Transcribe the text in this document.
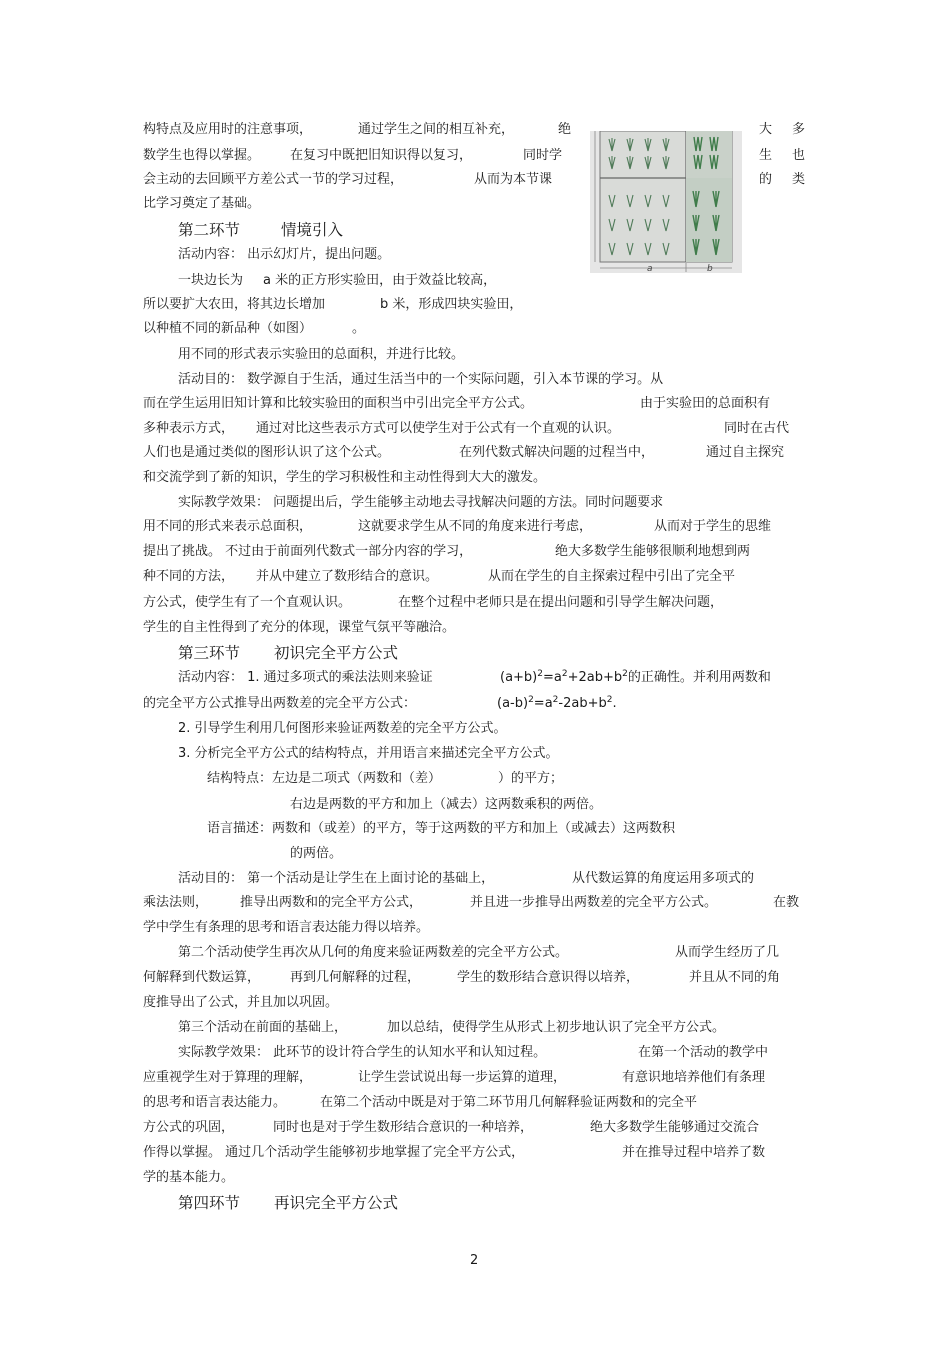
构特点及应用时的注意事项，	通过学生之间的相互补充，	绝	大 多
数学生也得以掌握。 在复习中既把旧知识得以复习，	同时学	生 也
会主动的去回顾平方差公式一节的学习过程，	从而为本节课	的 类
比学习奠定了基础。
a	b
第二环节	情境引入
活动内容： 出示幻灯片，提出问题。
一块边长为 a 米的正方形实验田，由于效益比较高，
所以要扩大农田，将其边长增加	b 米，形成四块实验田，
以种植不同的新品种（如图）	。
用不同的形式表示实验田的总面积，并进行比较。
活动目的： 数学源自于生活，通过生活当中的一个实际问题，引入本节课的学习。从
而在学生运用旧知计算和比较实验田的面积当中引出完全平方公式。	由于实验田的总面积有
多种表示方式， 通过对比这些表示方式可以使学生对于公式有一个直观的认识。	同时在古代
人们也是通过类似的图形认识了这个公式。	在列代数式解决问题的过程当中，	通过自主探究
和交流学到了新的知识，学生的学习积极性和主动性得到大大的激发。
实际教学效果： 问题提出后，学生能够主动地去寻找解决问题的方法。同时问题要求
用不同的形式来表示总面积，	这就要求学生从不同的角度来进行考虑，	从而对于学生的思维
提出了挑战。 不过由于前面列代数式一部分内容的学习，	绝大多数学生能够很顺利地想到两
种不同的方法， 并从中建立了数形结合的意识。	从而在学生的自主探索过程中引出了完全平
方公式，使学生有了一个直观认识。	在整个过程中老师只是在提出问题和引导学生解决问题，
学生的自主性得到了充分的体现，课堂气氛平等融洽。
第三环节 初识完全平方公式
活动内容： 1. 通过多项式的乘法法则来验证	$(a+b)^2=a^2+2ab+b^2$的正确性。并利用两数和
的完全平方公式推导出两数差的完全平方公式：	$(a-b)^2=a^2-2ab+b^2$.
2. 引导学生利用几何图形来验证两数差的完全平方公式。
3. 分析完全平方公式的结构特点，并用语言来描述完全平方公式。
结构特点：左边是二项式（两数和（差）	）的平方；
右边是两数的平方和加上（减去）这两数乘积的两倍。
语言描述：两数和（或差）的平方，等于这两数的平方和加上（或减去）这两数积
的两倍。
活动目的： 第一个活动是让学生在上面讨论的基础上，	从代数运算的角度运用多项式的
乘法法则， 推导出两数和的完全平方公式，	并且进一步推导出两数差的完全平方公式。	在教
学中学生有条理的思考和语言表达能力得以培养。
第二个活动使学生再次从几何的角度来验证两数差的完全平方公式。	从而学生经历了几
何解释到代数运算， 再到几何解释的过程，	学生的数形结合意识得以培养，	并且从不同的角
度推导出了公式，并且加以巩固。
第三个活动在前面的基础上，	加以总结，使得学生从形式上初步地认识了完全平方公式。
实际教学效果： 此环节的设计符合学生的认知水平和认知过程。	在第一个活动的教学中
应重视学生对于算理的理解，	让学生尝试说出每一步运算的道理，	有意识地培养他们有条理
的思考和语言表达能力。	在第二个活动中既是对于第二环节用几何解释验证两数和的完全平
方公式的巩固，	同时也是对于学生数形结合意识的一种培养，	绝大多数学生能够通过交流合
作得以掌握。 通过几个活动学生能够初步地掌握了完全平方公式，	并在推导过程中培养了数
学的基本能力。
第四环节 再识完全平方公式
2
